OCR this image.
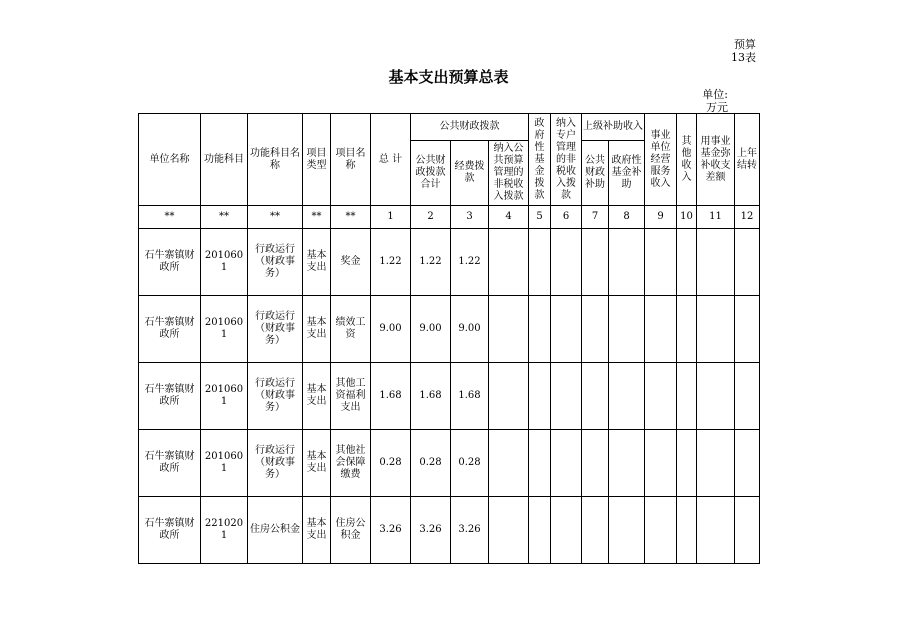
预算13表
基本支出预算总表
单位:万元
单位名称	功能科目	功能科目名称	项目类型	项目名称	总 计	公共财政拨款			政府性基金拨款	纳入专户管理的非税收入拨款	上级补助收入		事业单位经营服务收入	其他收入	用事业基金弥补收支差额	上年结转
						公共财政拨款合计	经费拨款	纳入公共预算管理的非税收入拨款			公共财政补助	政府性基金补助				
**	**	**	**	**	1	2	3	4	5	6	7	8	9	10	11	12
石牛寨镇财政所	2010601	行政运行（财政事务）	基本支出	奖金	1.22	1.22	1.22									
石牛寨镇财政所	2010601	行政运行（财政事务）	基本支出	绩效工资	9.00	9.00	9.00									
石牛寨镇财政所	2010601	行政运行（财政事务）	基本支出	其他工资福利支出	1.68	1.68	1.68									
石牛寨镇财政所	2010601	行政运行（财政事务）	基本支出	其他社会保障缴费	0.28	0.28	0.28									
石牛寨镇财政所	2210201	住房公积金	基本支出	住房公积金	3.26	3.26	3.26									
